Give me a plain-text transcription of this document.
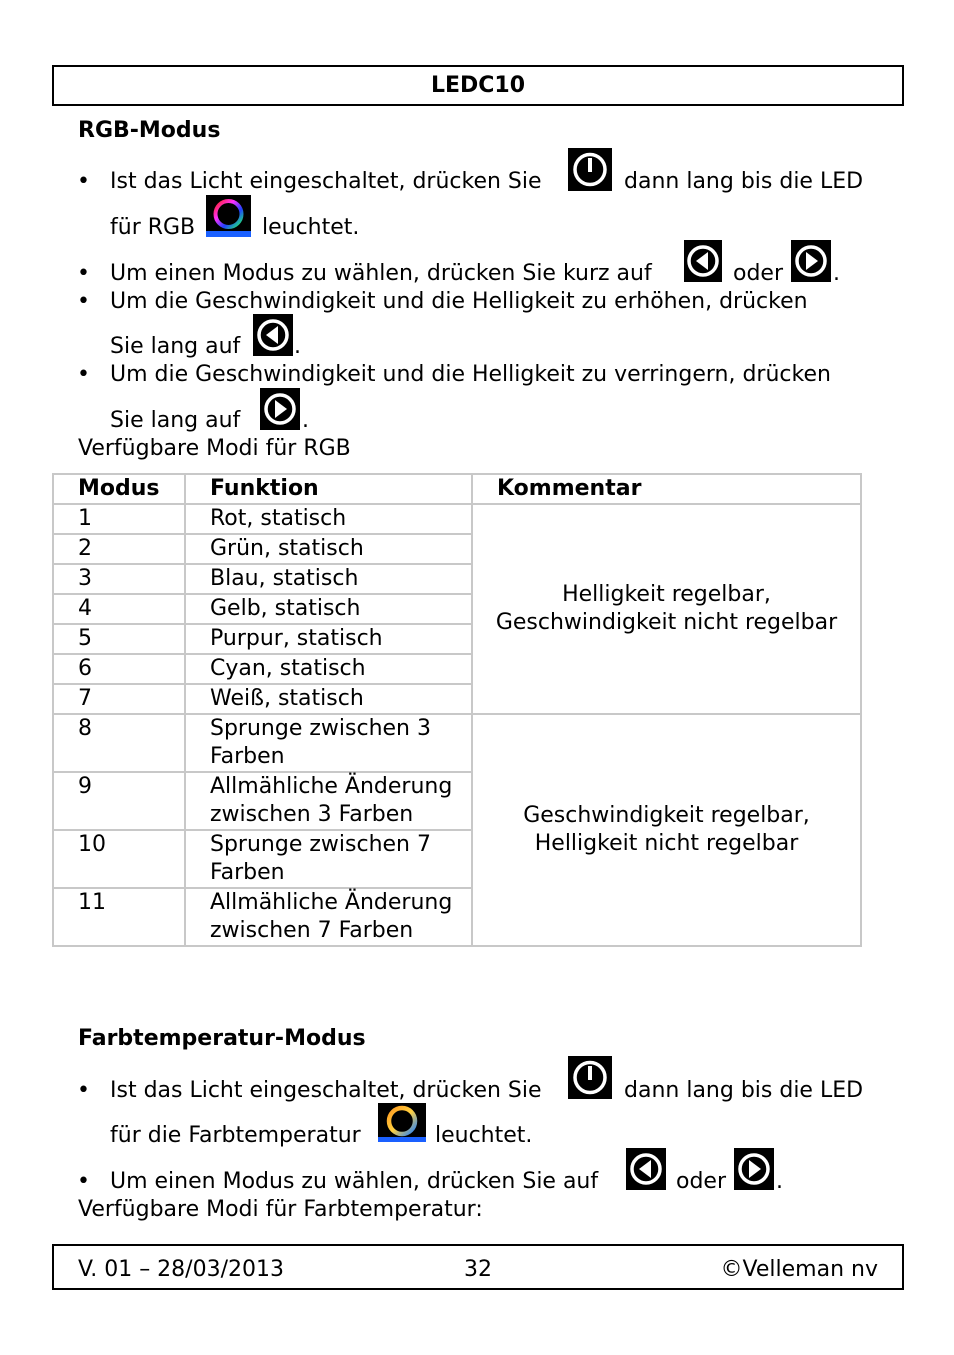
LEDC10
RGB-Modus
• Ist das Licht eingeschaltet, drücken Sie	dann lang bis die LED
für RGB	leuchtet.
• Um einen Modus zu wählen, drücken Sie kurz auf	oder .
• Um die Geschwindigkeit und die Helligkeit zu erhöhen, drücken
Sie lang auf .
• Um die Geschwindigkeit und die Helligkeit zu verringern, drücken
Sie lang auf	.
Verfügbare Modi für RGB
Modus	Funktion	Kommentar
1	Rot, statisch	Helligkeit regelbar, Geschwindigkeit nicht regelbar
2	Grün, statisch	
3	Blau, statisch	
4	Gelb, statisch	
5	Purpur, statisch	
6	Cyan, statisch	
7	Weiß, statisch	
8	Sprunge zwischen 3 Farben	Geschwindigkeit regelbar, Helligkeit nicht regelbar
9	Allmähliche Änderung zwischen 3 Farben	
10	Sprunge zwischen 7 Farben	
11	Allmähliche Änderung zwischen 7 Farben	
Farbtemperatur-Modus
• Ist das Licht eingeschaltet, drücken Sie	dann lang bis die LED
für die Farbtemperatur	leuchtet.
• Um einen Modus zu wählen, drücken Sie auf	oder .
Verfügbare Modi für Farbtemperatur:
V. 01 – 28/03/2013	32	©Velleman nv
